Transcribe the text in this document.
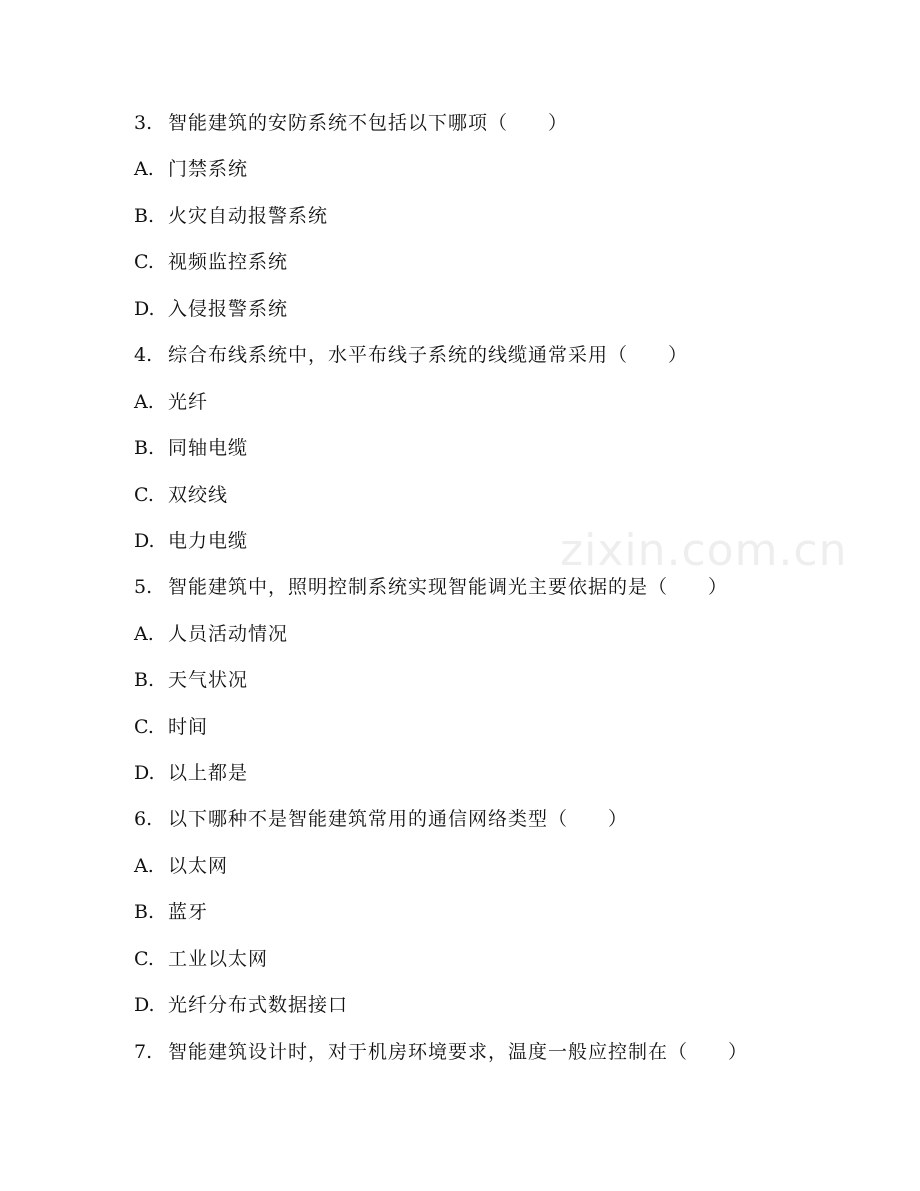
3. 智能建筑的安防系统不包括以下哪项（　　）
A. 门禁系统
B. 火灾自动报警系统
C. 视频监控系统
D. 入侵报警系统
4. 综合布线系统中，水平布线子系统的线缆通常采用（　　）
A. 光纤
B. 同轴电缆
C. 双绞线
D. 电力电缆
5. 智能建筑中，照明控制系统实现智能调光主要依据的是（　　）
A. 人员活动情况
B. 天气状况
C. 时间
D. 以上都是
6. 以下哪种不是智能建筑常用的通信网络类型（　　）
A. 以太网
B. 蓝牙
C. 工业以太网
D. 光纤分布式数据接口
7. 智能建筑设计时，对于机房环境要求，温度一般应控制在（　　）
zixin.com.cn
